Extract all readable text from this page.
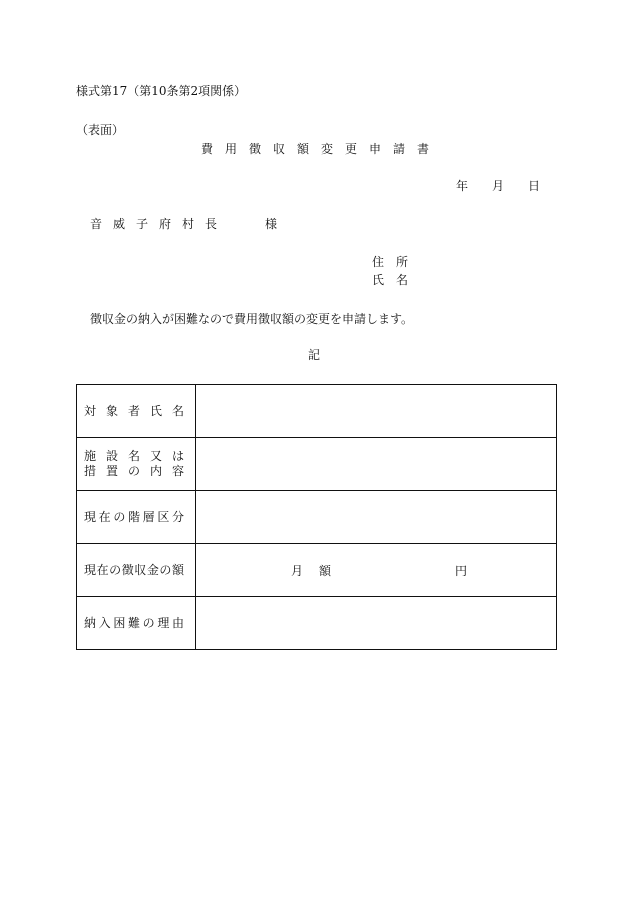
様式第17（第10条第2項関係）
（表面）
費用徴収額変更申請書
年 月 日
音威子府村長	様
住所
氏名
徴収金の納入が困難なので費用徴収額の変更を申請します。
記
対象者氏名	

施設名又は
措置の内容	

現在の階層区分	

現在の徴収金の額	月額 円

納入困難の理由	
